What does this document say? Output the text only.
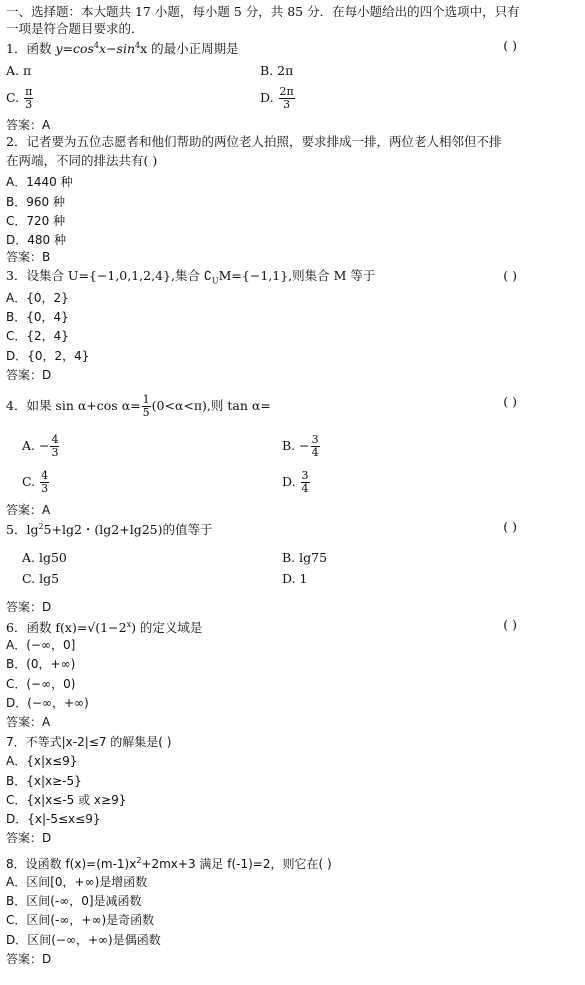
一、选择题：本大题共 17 小题，每小题 5 分，共 85 分．在每小题给出的四个选项中，只有
一项是符合题目要求的．
1．函数 $y=\cos^4x-\sin^4x$ 的最小正周期是	( )
A. π	B. 2π
C. $\frac{\pi}{3}$	D. $\frac{2\pi}{3}$
答案：A
2．记者要为五位志愿者和他们帮助的两位老人拍照，要求排成一排，两位老人相邻但不排
在两端，不同的排法共有( )
A．1440 种
B．960 种
C．720 种
D．480 种
答案：B
3．设集合 U={−1,0,1,2,4},集合 $∁_UM=\{-1,1\}$,则集合 M 等于	( )
A．{0，2}
B．{0，4}
C．{2，4}
D．{0，2，4}
答案：D
4．如果 sin α+cos $\alpha= \frac{1}{5} (0<\alpha<\pi)$,则 tan α=	( )
A. − $\frac{4}{3}$	B. − $\frac{3}{4}$
C. $\frac{4}{3}$	D. $\frac{3}{4}$
答案：A
5．$\lg^25+\lg 2$・(lg2+lg25)的值等于	( )
A. lg50	B. lg75
C. lg5	D. 1
答案：D
6．函数 $f(x)=√(1-2^x)$ 的定义域是	( )
A．(−∞，0]
B．(0，+∞)
C．(−∞，0)
D．(−∞，+∞)
答案：A
7．不等式|x-2|≤7 的解集是( )
A．{x|x≤9}
B．{x|x≥-5}
C．{x|x≤-5 或 x≥9}
D．{x|-5≤x≤9}
答案：D
8．设函数 $f(x)=(m-1)x^2+2mx+3$ 满足 f(-1)=2，则它在( )
A．区间[0，+∞)是增函数
B．区间(-∞，0]是减函数
C．区间(-∞，+∞)是奇函数
D．区间(−∞，+∞)是偶函数
答案：D
